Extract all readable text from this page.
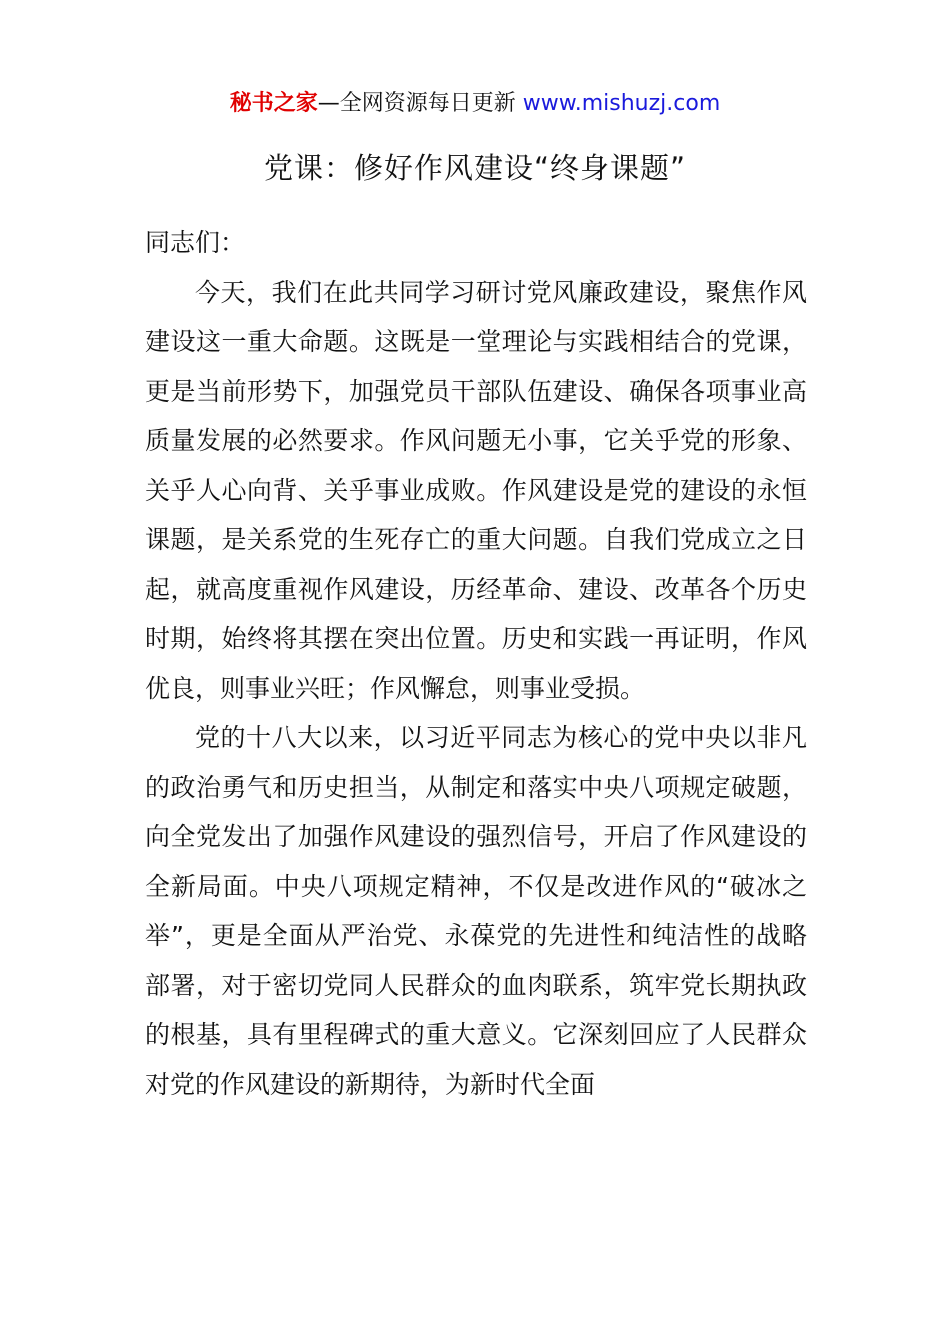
秘书之家—全网资源每日更新 www.mishuzj.com
党课：修好作风建设“终身课题”

同志们：

今天，我们在此共同学习研讨党风廉政建设，聚焦作风建设这一重大命题。这既是一堂理论与实践相结合的党课，更是当前形势下，加强党员干部队伍建设、确保各项事业高质量发展的必然要求。作风问题无小事，它关乎党的形象、关乎人心向背、关乎事业成败。作风建设是党的建设的永恒课题，是关系党的生死存亡的重大问题。自我们党成立之日起，就高度重视作风建设，历经革命、建设、改革各个历史时期，始终将其摆在突出位置。历史和实践一再证明，作风优良，则事业兴旺；作风懈怠，则事业受损。

党的十八大以来，以习近平同志为核心的党中央以非凡的政治勇气和历史担当，从制定和落实中央八项规定破题，向全党发出了加强作风建设的强烈信号，开启了作风建设的全新局面。中央八项规定精神，不仅是改进作风的“破冰之举”，更是全面从严治党、永葆党的先进性和纯洁性的战略部署，对于密切党同人民群众的血肉联系，筑牢党长期执政的根基，具有里程碑式的重大意义。它深刻回应了人民群众对党的作风建设的新期待，为新时代全面
